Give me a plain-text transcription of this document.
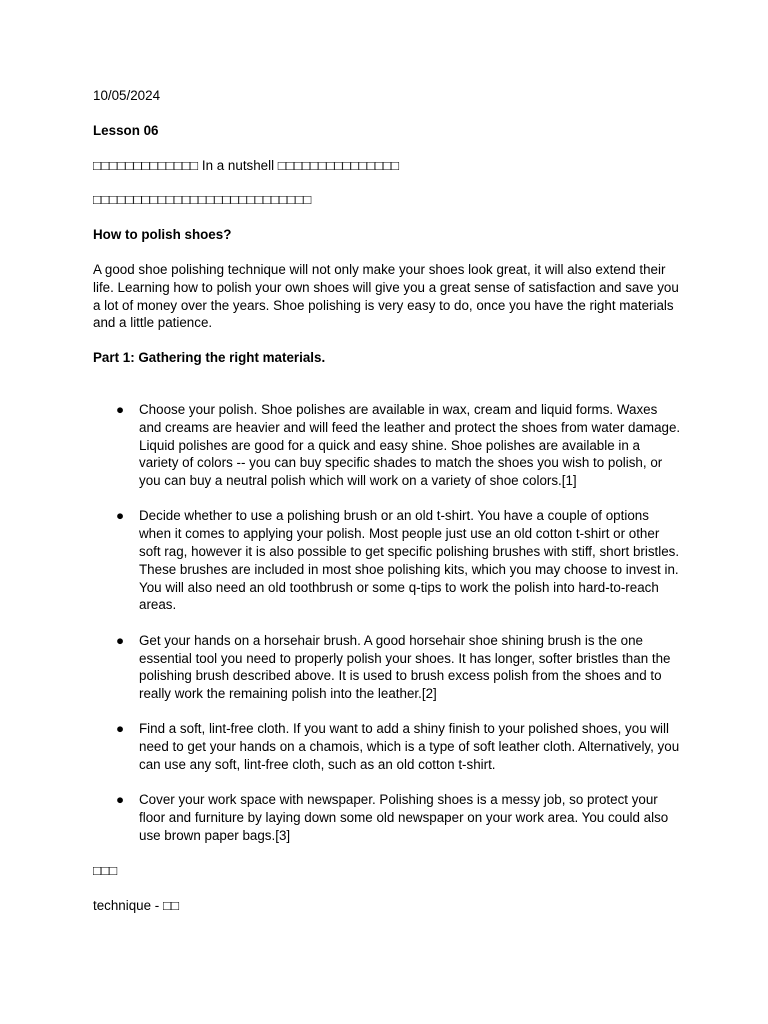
10/05/2024

Lesson 06

□□□□□□□□□□□□□ In a nutshell □□□□□□□□□□□□□□□

□□□□□□□□□□□□□□□□□□□□□□□□□□□

How to polish shoes?

A good shoe polishing technique will not only make your shoes look great, it will also extend their life. Learning how to polish your own shoes will give you a great sense of satisfaction and save you a lot of money over the years. Shoe polishing is very easy to do, once you have the right materials and a little patience.

Part 1: Gathering the right materials.

● Choose your polish. Shoe polishes are available in wax, cream and liquid forms. Waxes and creams are heavier and will feed the leather and protect the shoes from water damage. Liquid polishes are good for a quick and easy shine. Shoe polishes are available in a variety of colors -- you can buy specific shades to match the shoes you wish to polish, or you can buy a neutral polish which will work on a variety of shoe colors.[1]
● Decide whether to use a polishing brush or an old t-shirt. You have a couple of options when it comes to applying your polish. Most people just use an old cotton t-shirt or other soft rag, however it is also possible to get specific polishing brushes with stiff, short bristles. These brushes are included in most shoe polishing kits, which you may choose to invest in. You will also need an old toothbrush or some q-tips to work the polish into hard-to-reach areas.
● Get your hands on a horsehair brush. A good horsehair shoe shining brush is the one essential tool you need to properly polish your shoes. It has longer, softer bristles than the polishing brush described above. It is used to brush excess polish from the shoes and to really work the remaining polish into the leather.[2]
● Find a soft, lint-free cloth. If you want to add a shiny finish to your polished shoes, you will need to get your hands on a chamois, which is a type of soft leather cloth. Alternatively, you can use any soft, lint-free cloth, such as an old cotton t-shirt.
● Cover your work space with newspaper. Polishing shoes is a messy job, so protect your floor and furniture by laying down some old newspaper on your work area. You could also use brown paper bags.[3]

□□□

technique - □□
